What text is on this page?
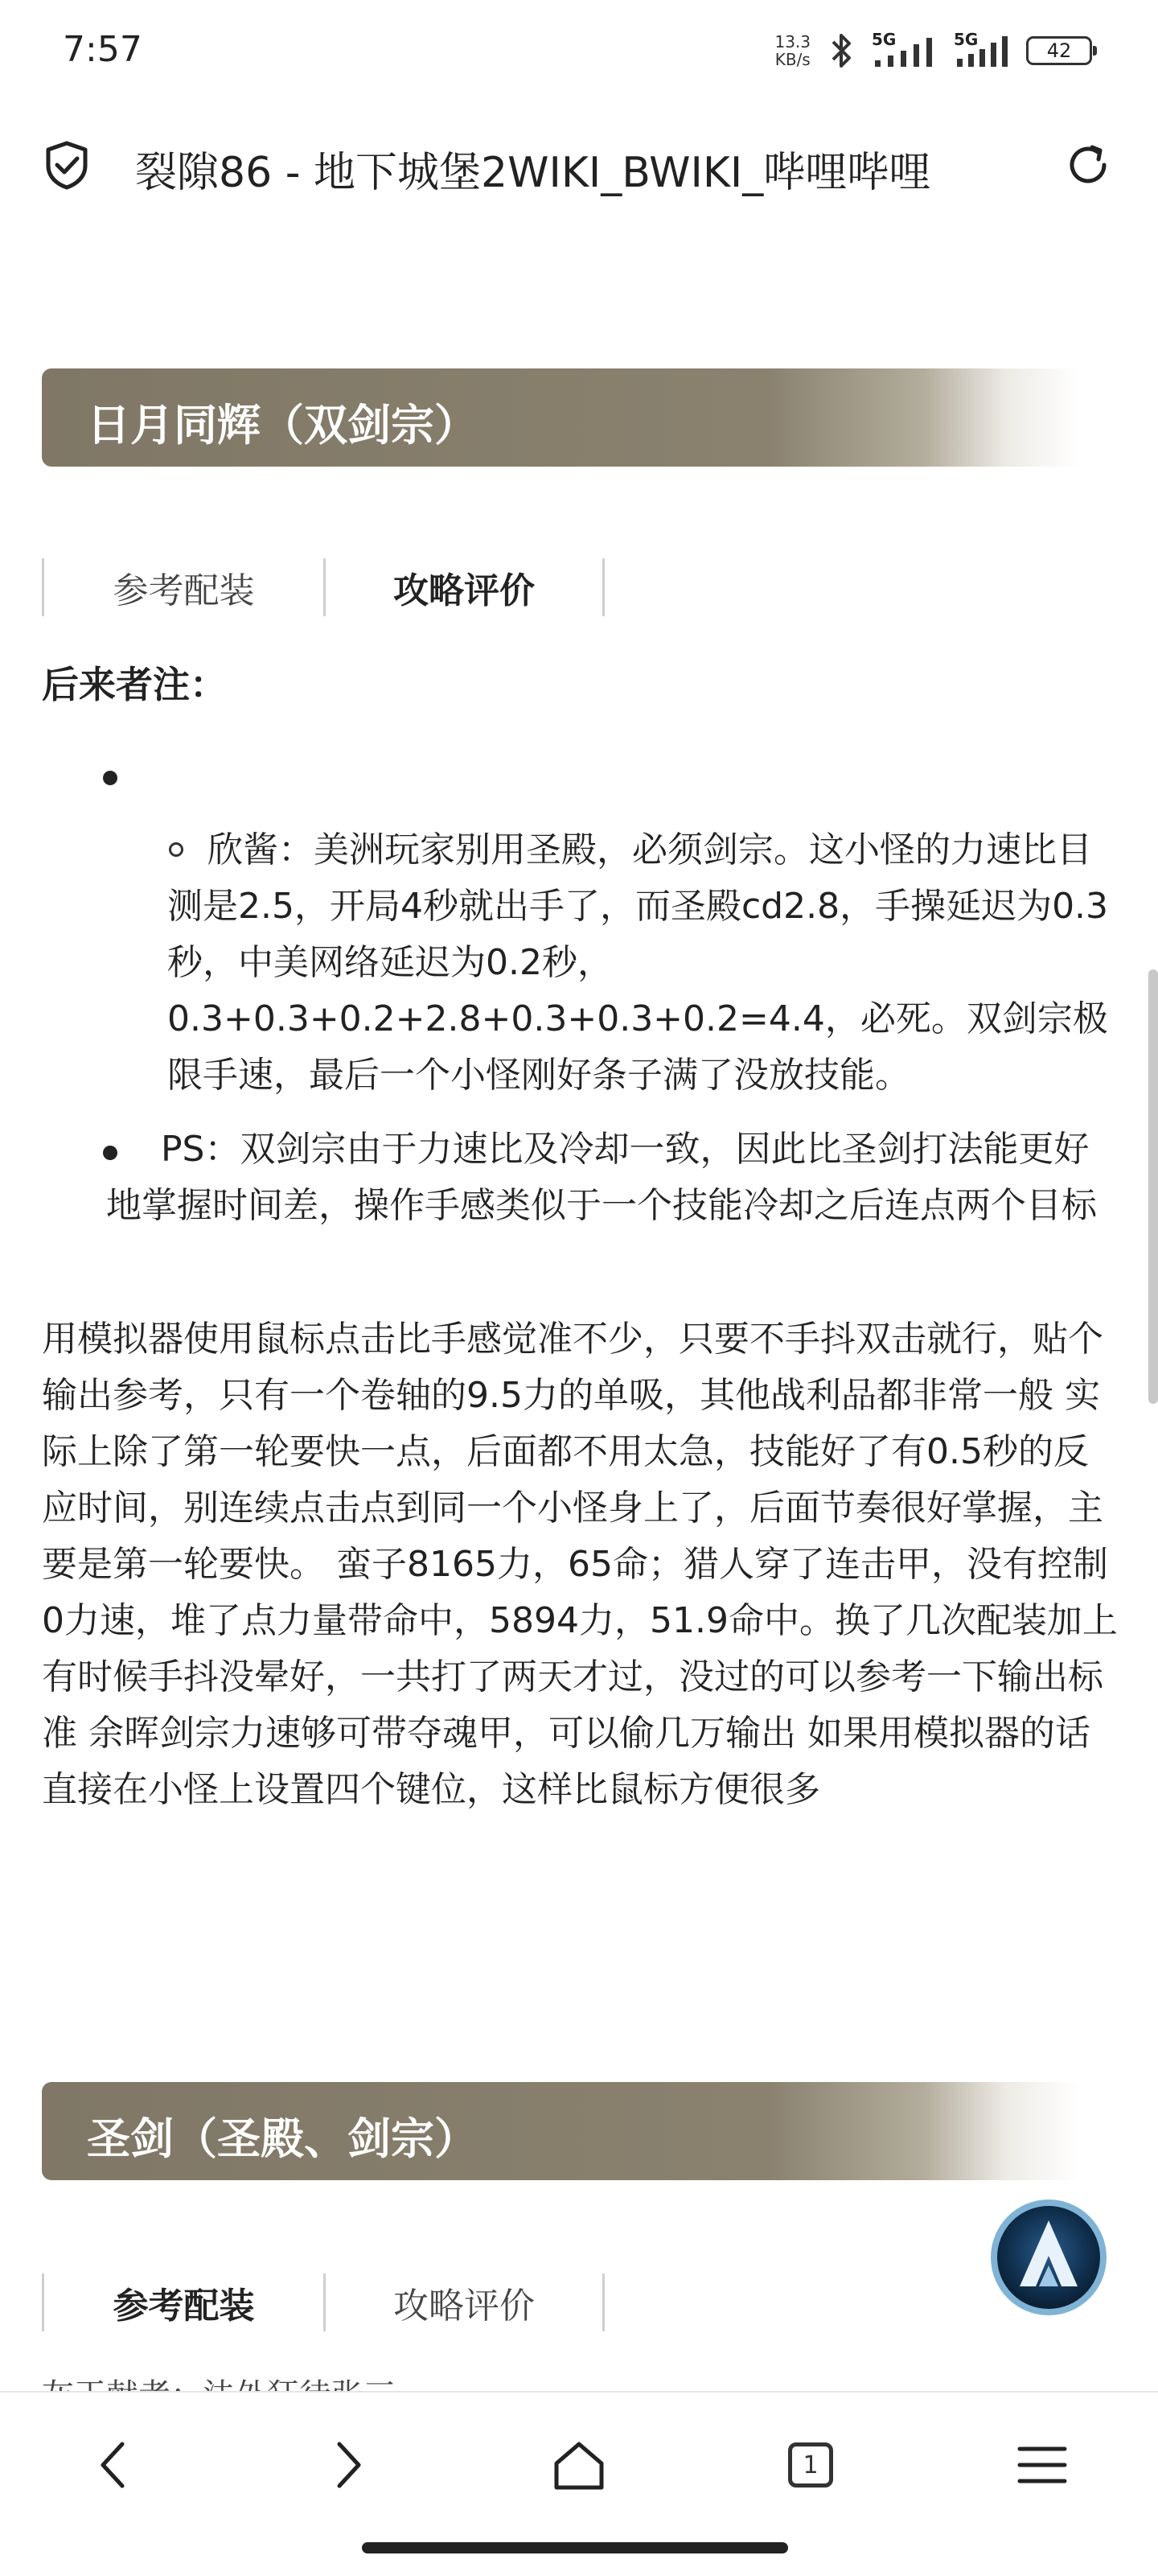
7:57	13.3
KB/s
5G	5G	42
裂隙86 - 地下城堡2WIKI_BWIKI_哔哩哔哩
日月同辉（双剑宗）
参考配装	攻略评价
后来者注：
欣酱：美洲玩家别用圣殿，必须剑宗。这小怪的力速比目测是2.5，开局4秒就出手了，而圣殿cd2.8，手操延迟为0.3秒，中美网络延迟为0.2秒，0.3+0.3+0.2+2.8+0.3+0.3+0.2=4.4，必死。双剑宗极限手速，最后一个小怪刚好条子满了没放技能。
PS：双剑宗由于力速比及冷却一致，因此比圣剑打法能更好地掌握时间差，操作手感类似于一个技能冷却之后连点两个目标
用模拟器使用鼠标点击比手感觉准不少，只要不手抖双击就行，贴个输出参考，只有一个卷轴的9.5力的单吸，其他战利品都非常一般 实际上除了第一轮要快一点，后面都不用太急，技能好了有0.5秒的反应时间，别连续点击点到同一个小怪身上了，后面节奏很好掌握，主要是第一轮要快。 蛮子8165力，65命；猎人穿了连击甲，没有控制0力速，堆了点力量带命中，5894力，51.9命中。换了几次配装加上有时候手抖没晕好，一共打了两天才过，没过的可以参考一下输出标准 余晖剑宗力速够可带夺魂甲，可以偷几万输出 如果用模拟器的话直接在小怪上设置四个键位，这样比鼠标方便很多
圣剑（圣殿、剑宗）
参考配装	攻略评价
1
